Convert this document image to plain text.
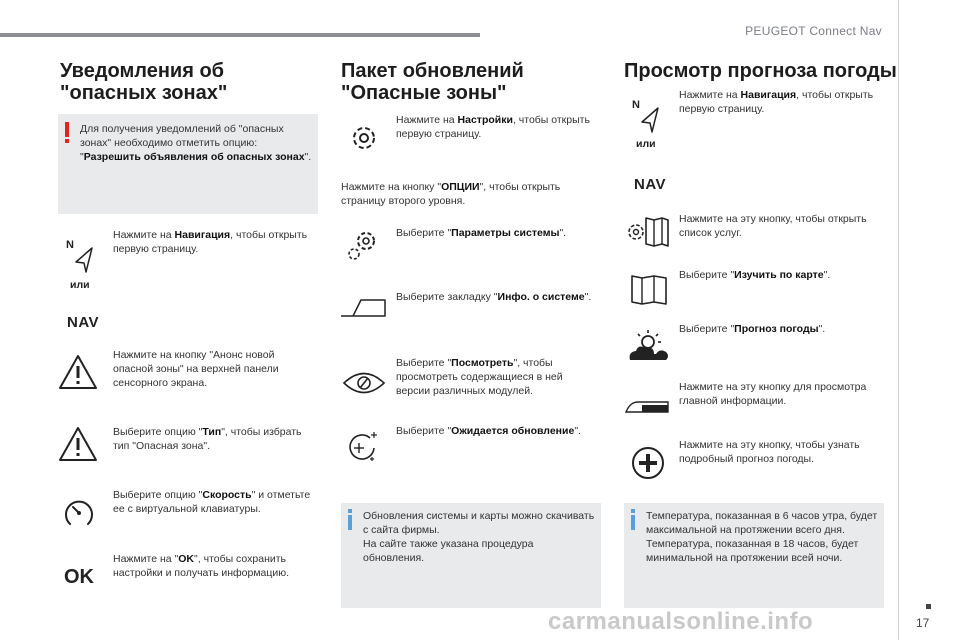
PEUGEOT Connect Nav
17
carmanualsonline.info
Уведомления об "опасных зонах"
Для получения уведомлений об "опасных зонах" необходимо отметить опцию: "Разрешить объявления об опасных зонах".
N
или
NAV
Нажмите на Навигация, чтобы открыть первую страницу.
Нажмите на кнопку "Анонс новой опасной зоны" на верхней панели сенсорного экрана.
Выберите опцию "Тип", чтобы избрать тип "Опасная зона".
Выберите опцию "Скорость" и отметьте ее с виртуальной клавиатуры.
OK
Нажмите на "OK", чтобы сохранить настройки и получать информацию.
Пакет обновлений "Опасные зоны"
Нажмите на Настройки, чтобы открыть первую страницу.
Нажмите на кнопку "ОПЦИИ", чтобы открыть страницу второго уровня.
Выберите "Параметры системы".
Выберите закладку "Инфо. о системе".
Выберите "Посмотреть", чтобы просмотреть содержащиеся в ней версии различных модулей.
Выберите "Ожидается обновление".
Обновления системы и карты можно скачивать с сайта фирмы.
На сайте также указана процедура обновления.
Просмотр прогноза погоды
N
или
NAV
Нажмите на Навигация, чтобы открыть первую страницу.
Нажмите на эту кнопку, чтобы открыть список услуг.
Выберите "Изучить по карте".
Выберите "Прогноз погоды".
Нажмите на эту кнопку для просмотра главной информации.
Нажмите на эту кнопку, чтобы узнать подробный прогноз погоды.
Температура, показанная в 6 часов утра, будет максимальной на протяжении всего дня.
Температура, показанная в 18 часов, будет минимальной на протяжении всей ночи.
